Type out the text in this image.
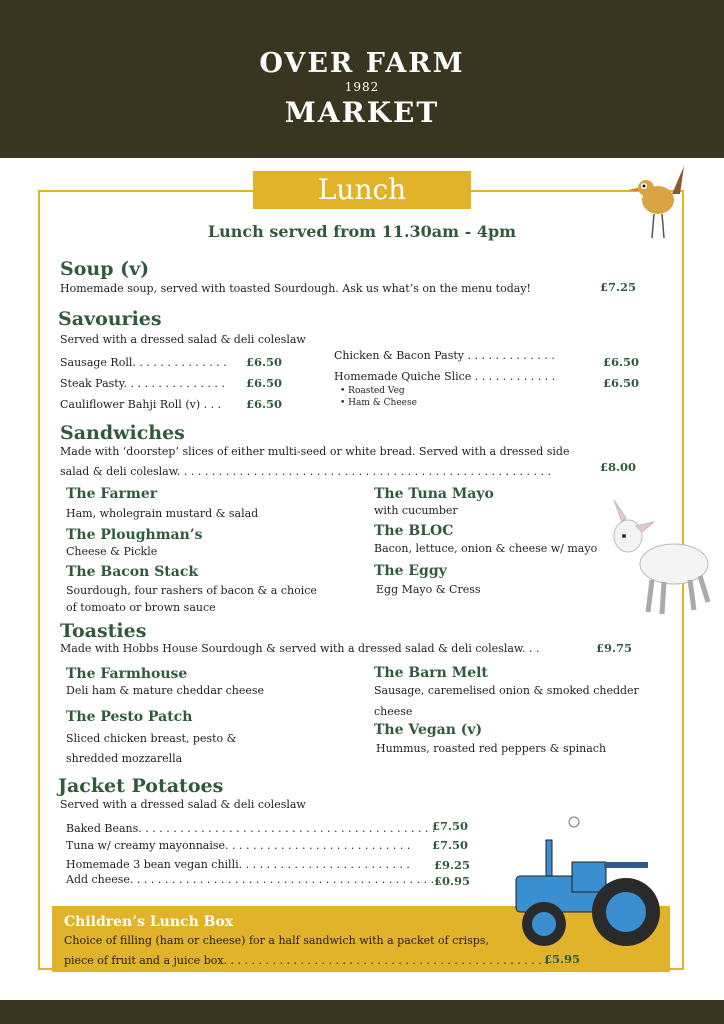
OVER FARM
1982
MARKET
Lunch
Lunch served from 11.30am - 4pm
Soup (v)
Homemade soup, served with toasted Sourdough. Ask us what’s on the menu today!	£7.25
Savouries
Served with a dressed salad & deli coleslaw
Sausage Roll. . . . . . . . . . . . . . £6.50
Steak Pasty. . . . . . . . . . . . . . . £6.50
Cauliflower Bahji Roll (v) . . . £6.50
Chicken & Bacon Pasty . . . . . . . . . . . . .	£6.50
Homemade Quiche Slice . . . . . . . . . . . .	£6.50
• Roasted Veg
• Ham & Cheese
Sandwiches
Made with ‘doorstep’ slices of either multi-seed or white bread. Served with a dressed side
salad & deli coleslaw. . . . . . . . . . . . . . . . . . . . . . . . . . . . . . . . . . . . . . . . . . . . . . . . . . . . . .	£8.00
The Farmer
Ham, wholegrain mustard & salad
The Ploughman’s
Cheese & Pickle
The Bacon Stack
Sourdough, four rashers of bacon & a choice
of tomoato or brown sauce
The Tuna Mayo
with cucumber
The BLOC
Bacon, lettuce, onion & cheese w/ mayo
The Eggy
Egg Mayo & Cress
Toasties
Made with Hobbs House Sourdough & served with a dressed salad & deli coleslaw. . .	£9.75
The Farmhouse
Deli ham & mature cheddar cheese
The Pesto Patch
Sliced chicken breast, pesto &
shredded mozzarella
The Barn Melt
Sausage, caremelised onion & smoked chedder
cheese
The Vegan (v)
Hummus, roasted red peppers & spinach
Jacket Potatoes
Served with a dressed salad & deli coleslaw
Baked Beans. . . . . . . . . . . . . . . . . . . . . . . . . . . . . . . . . . . . . . . . . . .
£7.50
Tuna w/ creamy mayonnaise. . . . . . . . . . . . . . . . . . . . . . . . . . . £7.50
Homemade 3 bean vegan chilli. . . . . . . . . . . . . . . . . . . . . . . . . £9.25
Add cheese. . . . . . . . . . . . . . . . . . . . . . . . . . . . . . . . . . . . . . . . . . . . .
£0.95
Children’s Lunch Box
Choice of filling (ham or cheese) for a half sandwich with a packet of crisps,
piece of fruit and a juice box. . . . . . . . . . . . . . . . . . . . . . . . . . . . . . . . . . . . . . . . . . . . . . .
£5.95
